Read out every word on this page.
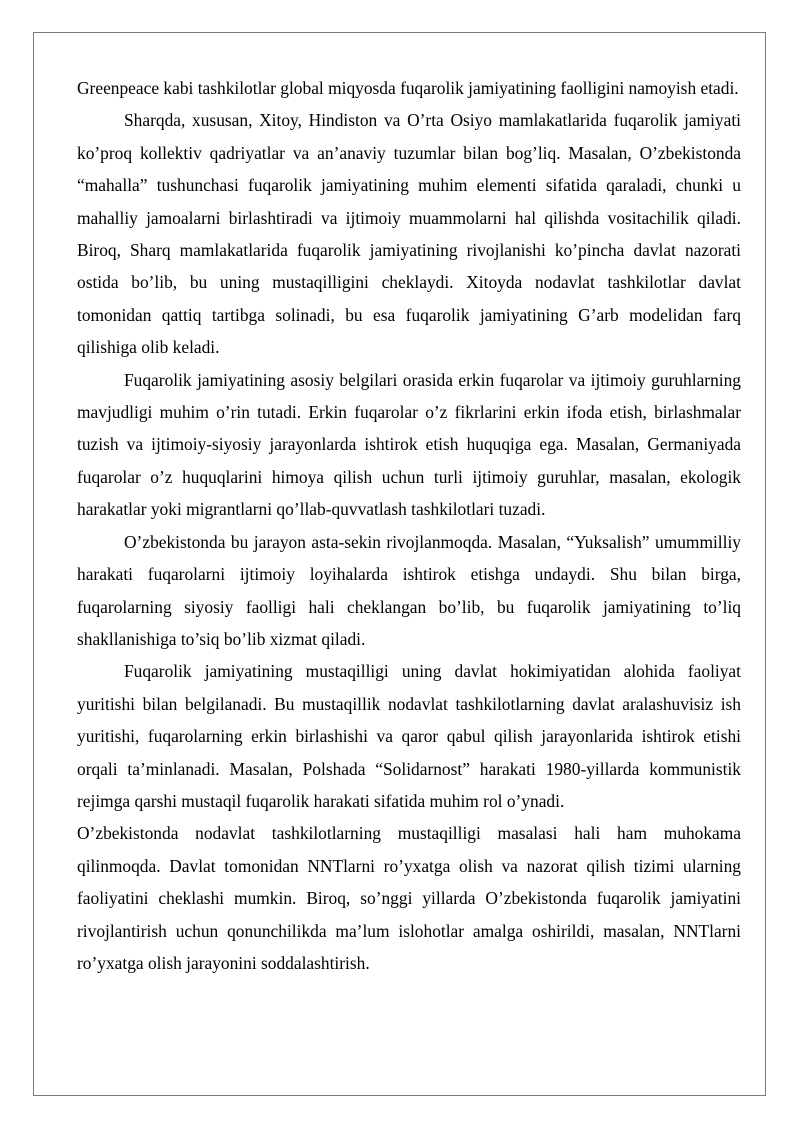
Greenpeace kabi tashkilotlar global miqyosda fuqarolik jamiyatining faolligini namoyish etadi.

Sharqda, xususan, Xitoy, Hindiston va O’rta Osiyo mamlakatlarida fuqarolik jamiyati ko’proq kollektiv qadriyatlar va an’anaviy tuzumlar bilan bog’liq. Masalan, O’zbekistonda “mahalla” tushunchasi fuqarolik jamiyatining muhim elementi sifatida qaraladi, chunki u mahalliy jamoalarni birlashtiradi va ijtimoiy muammolarni hal qilishda vositachilik qiladi. Biroq, Sharq mamlakatlarida fuqarolik jamiyatining rivojlanishi ko’pincha davlat nazorati ostida bo’lib, bu uning mustaqilligini cheklaydi. Xitoyda nodavlat tashkilotlar davlat tomonidan qattiq tartibga solinadi, bu esa fuqarolik jamiyatining G’arb modelidan farq qilishiga olib keladi.

Fuqarolik jamiyatining asosiy belgilari orasida erkin fuqarolar va ijtimoiy guruhlarning mavjudligi muhim o’rin tutadi. Erkin fuqarolar o’z fikrlarini erkin ifoda etish, birlashmalar tuzish va ijtimoiy-siyosiy jarayonlarda ishtirok etish huquqiga ega. Masalan, Germaniyada fuqarolar o’z huquqlarini himoya qilish uchun turli ijtimoiy guruhlar, masalan, ekologik harakatlar yoki migrantlarni qo’llab-quvvatlash tashkilotlari tuzadi.

O’zbekistonda bu jarayon asta-sekin rivojlanmoqda. Masalan, “Yuksalish” umummilliy harakati fuqarolarni ijtimoiy loyihalarda ishtirok etishga undaydi. Shu bilan birga, fuqarolarning siyosiy faolligi hali cheklangan bo’lib, bu fuqarolik jamiyatining to’liq shakllanishiga to’siq bo’lib xizmat qiladi.

Fuqarolik jamiyatining mustaqilligi uning davlat hokimiyatidan alohida faoliyat yuritishi bilan belgilanadi. Bu mustaqillik nodavlat tashkilotlarning davlat aralashuvisiz ish yuritishi, fuqarolarning erkin birlashishi va qaror qabul qilish jarayonlarida ishtirok etishi orqali ta’minlanadi. Masalan, Polshada “Solidarnost” harakati 1980-yillarda kommunistik rejimga qarshi mustaqil fuqarolik harakati sifatida muhim rol o’ynadi.

O’zbekistonda nodavlat tashkilotlarning mustaqilligi masalasi hali ham muhokama qilinmoqda. Davlat tomonidan NNTlarni ro’yxatga olish va nazorat qilish tizimi ularning faoliyatini cheklashi mumkin. Biroq, so’nggi yillarda O’zbekistonda fuqarolik jamiyatini rivojlantirish uchun qonunchilikda ma’lum islohotlar amalga oshirildi, masalan, NNTlarni ro’yxatga olish jarayonini soddalashtirish.
